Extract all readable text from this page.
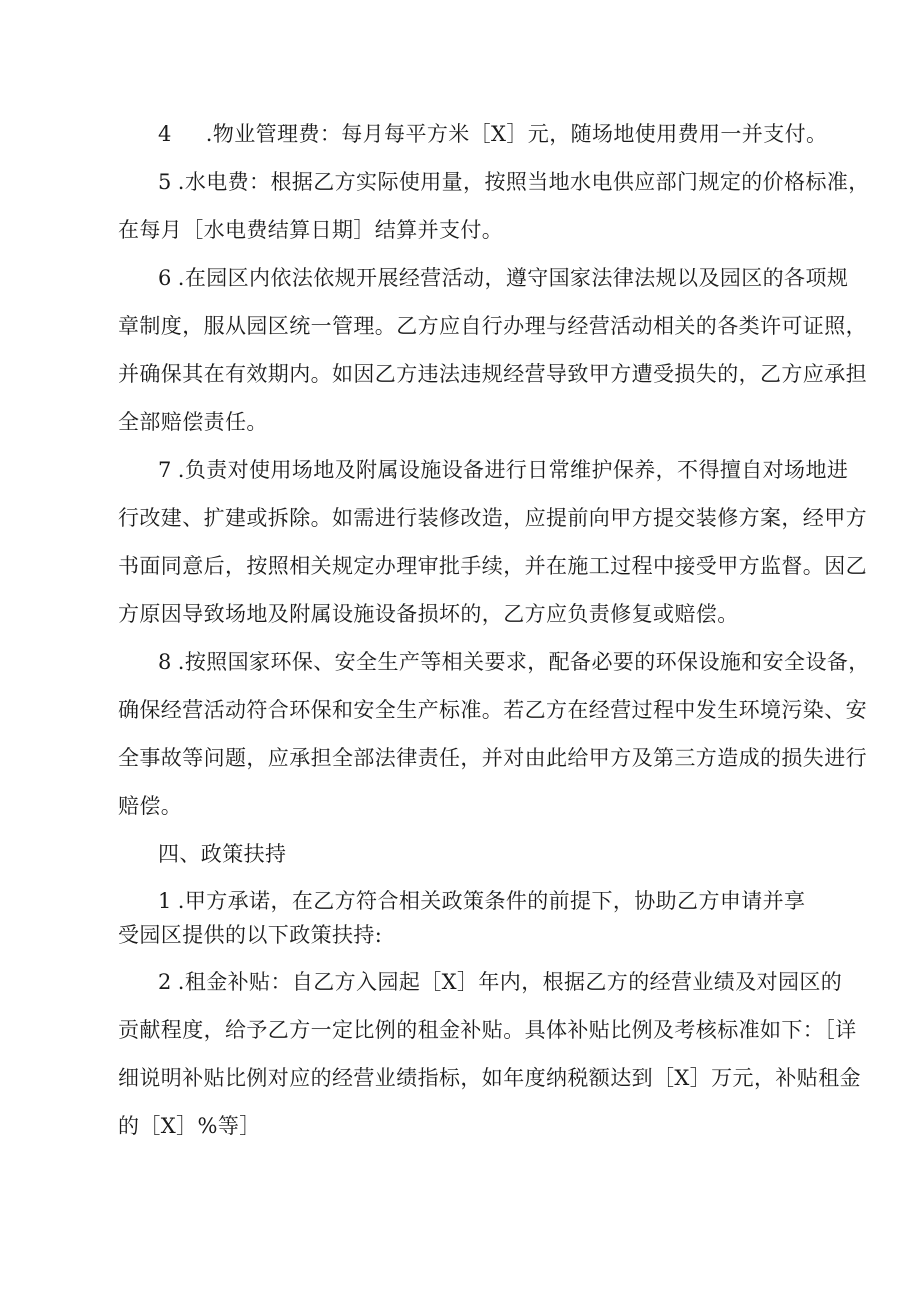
4 .物业管理费：每月每平方米［X］元，随场地使用费用一并支付。

5 .水电费：根据乙方实际使用量，按照当地水电供应部门规定的价格标准，
在每月［水电费结算日期］结算并支付。

6 .在园区内依法依规开展经营活动，遵守国家法律法规以及园区的各项规
章制度，服从园区统一管理。乙方应自行办理与经营活动相关的各类许可证照，
并确保其在有效期内。如因乙方违法违规经营导致甲方遭受损失的，乙方应承担
全部赔偿责任。

7 .负责对使用场地及附属设施设备进行日常维护保养，不得擅自对场地进
行改建、扩建或拆除。如需进行装修改造，应提前向甲方提交装修方案，经甲方
书面同意后，按照相关规定办理审批手续，并在施工过程中接受甲方监督。因乙
方原因导致场地及附属设施设备损坏的，乙方应负责修复或赔偿。

8 .按照国家环保、安全生产等相关要求，配备必要的环保设施和安全设备，
确保经营活动符合环保和安全生产标准。若乙方在经营过程中发生环境污染、安
全事故等问题，应承担全部法律责任，并对由此给甲方及第三方造成的损失进行
赔偿。

四、政策扶持

1 .甲方承诺，在乙方符合相关政策条件的前提下，协助乙方申请并享
受园区提供的以下政策扶持:

2 .租金补贴：自乙方入园起［X］年内，根据乙方的经营业绩及对园区的
贡献程度，给予乙方一定比例的租金补贴。具体补贴比例及考核标准如下：［详
细说明补贴比例对应的经营业绩指标，如年度纳税额达到［X］万元，补贴租金
的［X］%等］
